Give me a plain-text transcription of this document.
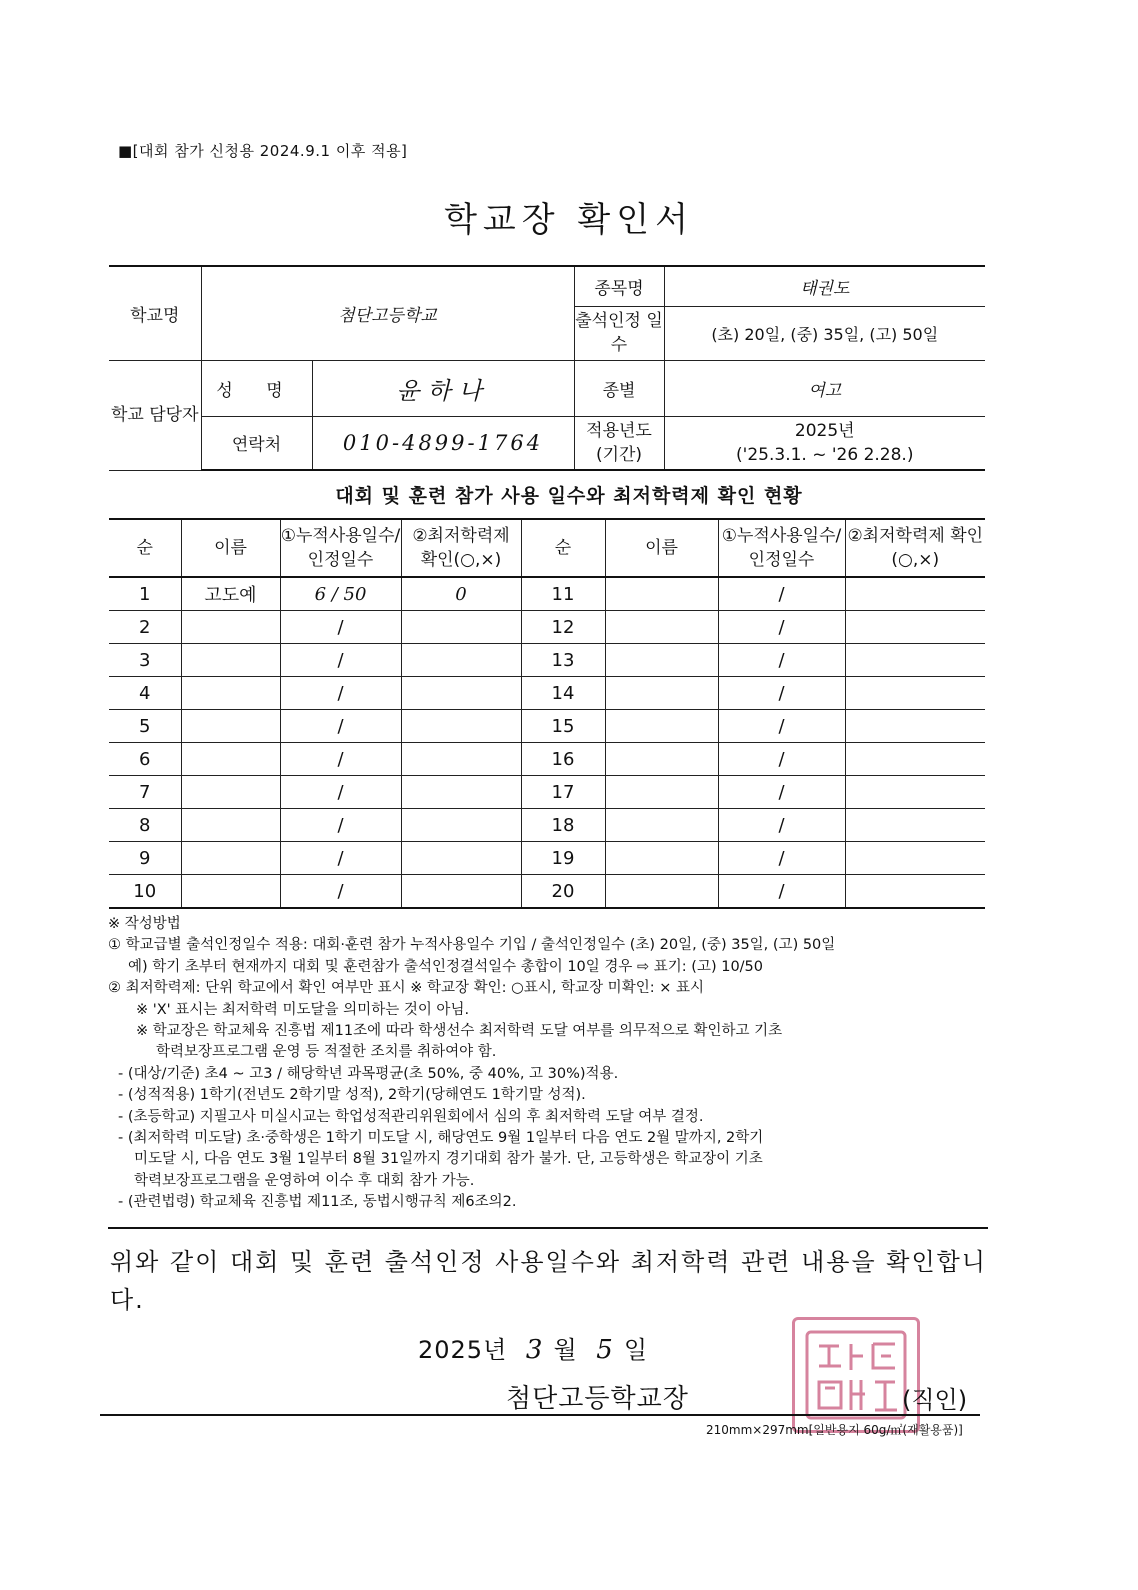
■[대회 참가 신청용 2024.9.1 이후 적용]
학교장 확인서
학교명	첨단고등학교		종목명	태권도
			출석인정 일수	(초) 20일, (중) 35일, (고) 50일
학교 담당자	성 명	윤하나	종별	여고
	연락처	010-4899-1764	적용년도 (기간)	2025년
('25.3.1. ~ '26 2.28.)
대회 및 훈련 참가 사용 일수와 최저학력제 확인 현황
순	이름	①누적사용일수/인정일수	②최저학력제 확인(○,×)	순	이름	①누적사용일수/인정일수	②최저학력제 확인(○,×)
1	고도예	6 / 50	0	11		/	
2		/		12		/	
3		/		13		/	
4		/		14		/	
5		/		15		/	
6		/		16		/	
7		/		17		/	
8		/		18		/	
9		/		19		/	
10		/		20		/	
※ 작성방법
① 학교급별 출석인정일수 적용: 대회·훈련 참가 누적사용일수 기입 / 출석인정일수 (초) 20일, (중) 35일, (고) 50일
예) 학기 초부터 현재까지 대회 및 훈련참가 출석인정결석일수 총합이 10일 경우 ⇨ 표기: (고) 10/50
② 최저학력제: 단위 학교에서 확인 여부만 표시 ※ 학교장 확인: ○표시, 학교장 미확인: × 표시
※ 'X' 표시는 최저학력 미도달을 의미하는 것이 아님.
※ 학교장은 학교체육 진흥법 제11조에 따라 학생선수 최저학력 도달 여부를 의무적으로 확인하고 기초
학력보장프로그램 운영 등 적절한 조치를 취하여야 함.
- (대상/기준) 초4 ~ 고3 / 해당학년 과목평균(초 50%, 중 40%, 고 30%)적용.
- (성적적용) 1학기(전년도 2학기말 성적), 2학기(당해연도 1학기말 성적).
- (초등학교) 지필고사 미실시교는 학업성적관리위원회에서 심의 후 최저학력 도달 여부 결정.
- (최저학력 미도달) 초·중학생은 1학기 미도달 시, 해당연도 9월 1일부터 다음 연도 2월 말까지, 2학기
미도달 시, 다음 연도 3월 1일부터 8월 31일까지 경기대회 참가 불가. 단, 고등학생은 학교장이 기초
학력보장프로그램을 운영하여 이수 후 대회 참가 가능.
- (관련법령) 학교체육 진흥법 제11조, 동법시행규칙 제6조의2.
위와 같이 대회 및 훈련 출석인정 사용일수와 최저학력 관련 내용을 확인합니다.
2025년 3 월 5 일
첨단고등학교장	(직인)
210mm×297mm[일반용지 60g/㎡(재활용품)]
